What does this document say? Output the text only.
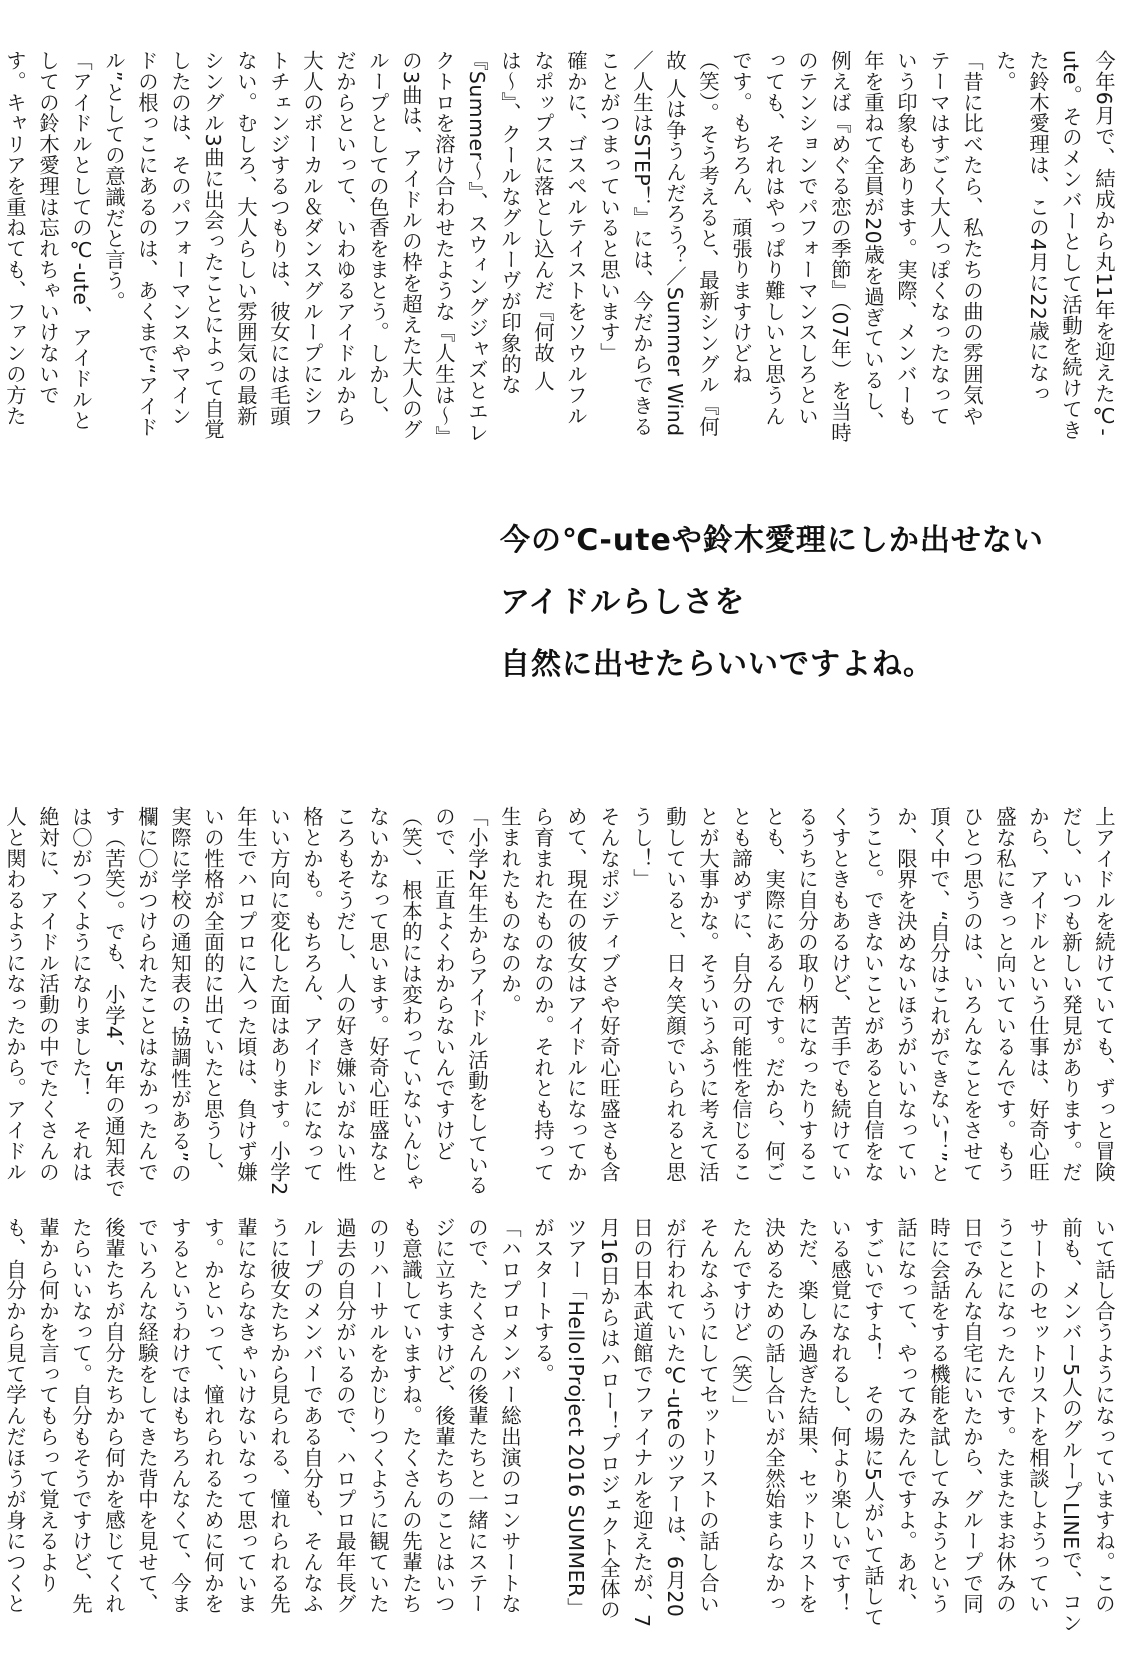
今年6月で、結成から丸11年を迎えた℃-ute。そのメンバーとして活動を続けてきた鈴木愛理は、この4月に22歳になった。

「昔に比べたら、私たちの曲の雰囲気やテーマはすごく大人っぽくなったなっていう印象もあります。実際、メンバーも年を重ねて全員が20歳を過ぎているし、例えば『めぐる恋の季節』（07年）を当時のテンションでパフォーマンスしろといっても、それはやっぱり難しいと思うんです。もちろん、頑張りますけどね（笑）。そう考えると、最新シングル『何故 人は争うんだろう？／Summer Wind／人生はSTEP！』には、今だからできることがつまっていると思います」

確かに、ゴスペルテイストをソウルフルなポップスに落とし込んだ『何故 人は〜』、クールなグルーヴが印象的な『Summer〜』、スウィングジャズとエレクトロを溶け合わせたような『人生は〜』の3曲は、アイドルの枠を超えた大人のグループとしての色香をまとう。しかし、だからといって、いわゆるアイドルから大人のボーカル＆ダンスグループにシフトチェンジするつもりは、彼女には毛頭ない。むしろ、大人らしい雰囲気の最新シングル3曲に出会ったことによって自覚したのは、そのパフォーマンスやマインドの根っこにあるのは、あくまで“アイドル”としての意識だと言う。

「アイドルとしての℃-ute、アイドルとしての鈴木愛理は忘れちゃいけないです。キャリアを重ねても、ファンの方た

今の℃-uteや鈴木愛理にしか出せない
アイドルらしさを
自然に出せたらいいですよね。

上アイドルを続けていても、ずっと冒険だし、いつも新しい発見があります。だから、アイドルという仕事は、好奇心旺盛な私にきっと向いているんです。もうひとつ思うのは、いろんなことをさせて頂く中で、“自分はこれができない！”とか、限界を決めないほうがいいなっていうこと。できないことがあると自信をなくすときもあるけど、苦手でも続けているうちに自分の取り柄になったりすることも、実際にあるんです。だから、何ごとも諦めずに、自分の可能性を信じることが大事かな。そういうふうに考えて活動していると、日々笑顔でいられると思うし！」

そんなポジティブさや好奇心旺盛さも含めて、現在の彼女はアイドルになってから育まれたものなのか。それとも持って生まれたものなのか。

「小学2年生からアイドル活動をしているので、正直よくわからないんですけど（笑）、根本的には変わっていないんじゃないかなって思います。好奇心旺盛なところもそうだし、人の好き嫌いがない性格とかも。もちろん、アイドルになっていい方向に変化した面はあります。小学2年生でハロプロに入った頃は、負けず嫌いの性格が全面的に出ていたと思うし、実際に学校の通知表の“協調性がある”の欄に〇がつけられたことはなかったんです（苦笑）。でも、小学4、5年の通知表では〇がつくようになりました！　それは絶対に、アイドル活動の中でたくさんの人と関わるようになったから。アイドル　　

いて話し合うようになっていますね。この前も、メンバー5人のグループLINEで、コンサートのセットリストを相談しようっていうことになったんです。たまたまお休みの日でみんな自宅にいたから、グループで同時に会話をする機能を試してみようという話になって、やってみたんですよ。あれ、すごいですよ！　その場に5人がいて話している感覚になれるし、何より楽しいです！　ただ、楽しみ過ぎた結果、セットリストを決めるための話し合いが全然始まらなかったんですけど（笑）」

そんなふうにしてセットリストの話し合いが行われていた℃-uteのツアーは、6月20日の日本武道館でファイナルを迎えたが、7月16日からはハロー！プロジェクト全体のツアー「Hello!Project 2016 SUMMER」がスタートする。

「ハロプロメンバー総出演のコンサートなので、たくさんの後輩たちと一緒にステージに立ちますけど、後輩たちのことはいつも意識していますね。たくさんの先輩たちのリハーサルをかじりつくように観ていた過去の自分がいるので、ハロプロ最年長グループのメンバーである自分も、そんなふうに彼女たちから見られる、憧れられる先輩にならなきゃいけないなって思っています。かといって、憧れられるために何かをするというわけではもちろんなくて、今までいろんな経験をしてきた背中を見せて、後輩たちが自分たちから何かを感じてくれたらいいなって。自分もそうですけど、先輩から何かを言ってもらって覚えるよりも、自分から見て学んだほうが身につくと　　
